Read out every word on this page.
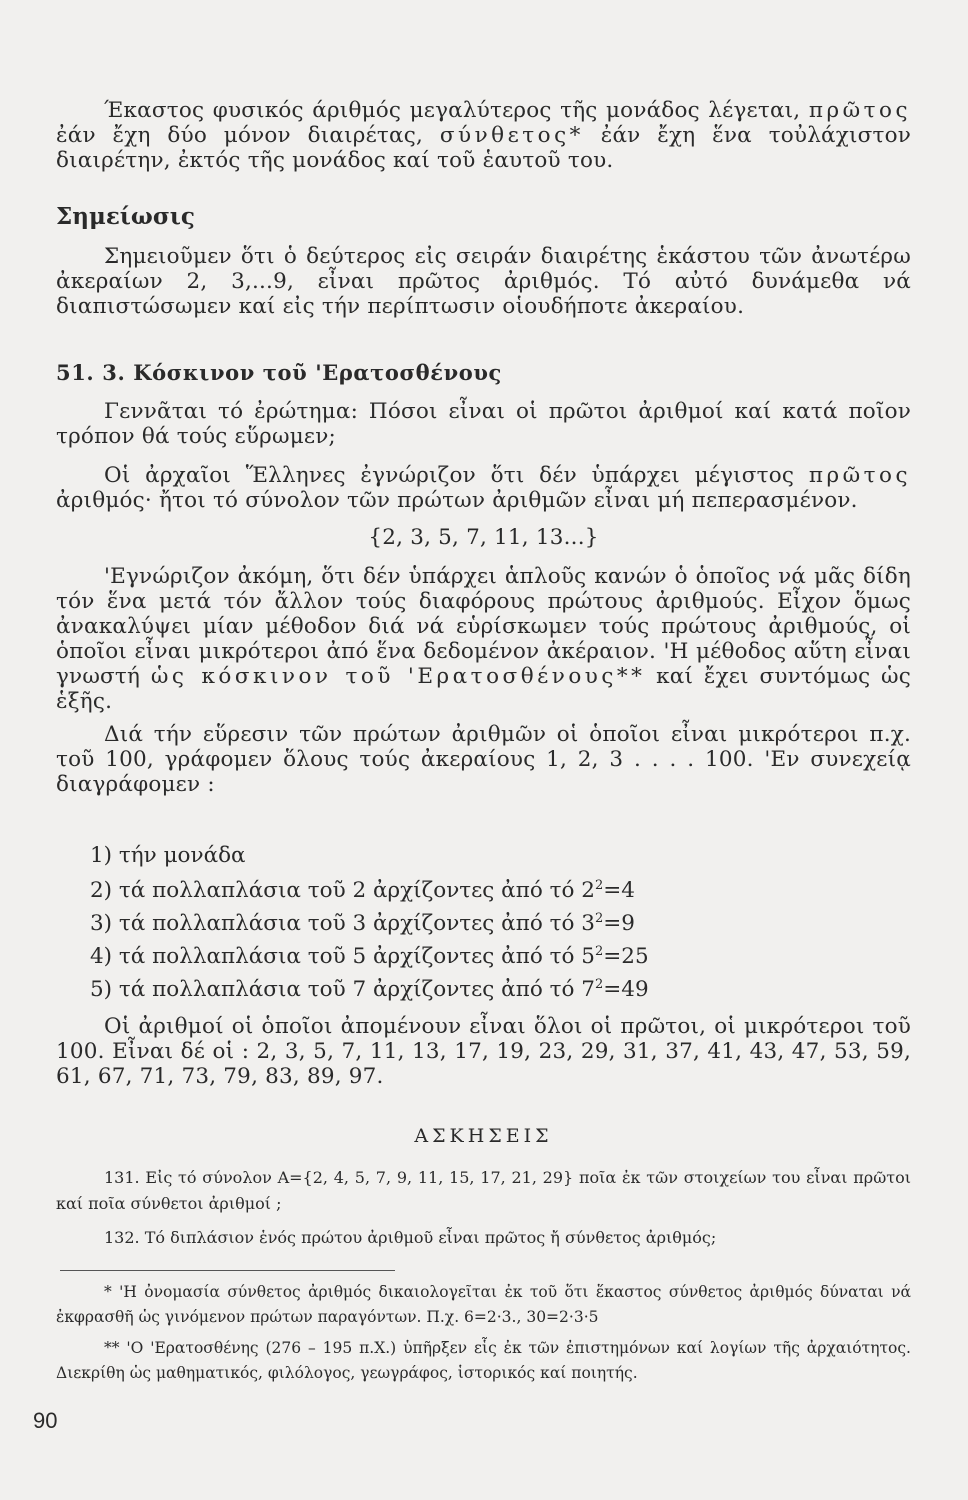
Έκαστος φυσικός άριθμός μεγαλύτερος τῆς μονάδος λέγεται, πρῶτος ἐάν ἔχη δύο μόνον διαιρέτας, σύνθετος* ἐάν ἔχη ἕνα τοὐλάχιστον διαιρέτην, ἐκτός τῆς μονάδος καί τοῦ ἑαυτοῦ του.

Σημείωσις

Σημειοῦμεν ὅτι ὁ δεύτερος εἰς σειράν διαιρέτης ἑκάστου τῶν ἀνωτέρω ἀκεραίων 2, 3,...9, εἶναι πρῶτος ἀριθμός. Τό αὐτό δυνάμεθα νά διαπιστώσωμεν καί εἰς τήν περίπτωσιν οἱουδήποτε ἀκεραίου.

51. 3. Κόσκινον τοῦ 'Ερατοσθένους

Γεννᾶται τό ἐρώτημα: Πόσοι εἶναι οἱ πρῶτοι ἀριθμοί καί κατά ποῖον τρόπον θά τούς εὕρωμεν;

Οἱ ἀρχαῖοι Ἕλληνες ἐγνώριζον ὅτι δέν ὑπάρχει μέγιστος πρῶτος ἀριθμός· ἤτοι τό σύνολον τῶν πρώτων ἀριθμῶν εἶναι μή πεπερασμένον.

{2, 3, 5, 7, 11, 13...}

'Εγνώριζον ἀκόμη, ὅτι δέν ὑπάρχει ἁπλοῦς κανών ὁ ὁποῖος νά μᾶς δίδη τόν ἕνα μετά τόν ἄλλον τούς διαφόρους πρώτους ἀριθμούς. Εἶχον ὅμως ἀνακαλύψει μίαν μέθοδον διά νά εὑρίσκωμεν τούς πρώτους ἀριθμούς, οἱ ὁποῖοι εἶναι μικρότεροι ἀπό ἕνα δεδομένον ἀκέραιον. 'Η μέθοδος αὕτη εἶναι γνωστή ὡς κόσκινον τοῦ 'Ερατοσθένους** καί ἔχει συντόμως ὡς ἑξῆς.

Διά τήν εὕρεσιν τῶν πρώτων ἀριθμῶν οἱ ὁποῖοι εἶναι μικρότεροι π.χ. τοῦ 100, γράφομεν ὅλους τούς ἀκεραίους 1, 2, 3 . . . . 100. 'Εν συνεχείᾳ διαγράφομεν :

1) τήν μονάδα
2) τά πολλαπλάσια τοῦ 2 ἀρχίζοντες ἀπό τό $2^2=4$
3) τά πολλαπλάσια τοῦ 3 ἀρχίζοντες ἀπό τό $3^2=9$
4) τά πολλαπλάσια τοῦ 5 ἀρχίζοντες ἀπό τό $5^2=25$
5) τά πολλαπλάσια τοῦ 7 ἀρχίζοντες ἀπό τό $7^2=49$

Οἱ ἀριθμοί οἱ ὁποῖοι ἀπομένουν εἶναι ὅλοι οἱ πρῶτοι, οἱ μικρότεροι τοῦ 100. Εἶναι δέ οἱ : 2, 3, 5, 7, 11, 13, 17, 19, 23, 29, 31, 37, 41, 43, 47, 53, 59, 61, 67, 71, 73, 79, 83, 89, 97.

ΑΣΚΗΣΕΙΣ

131. Εἰς τό σύνολον Α={2, 4, 5, 7, 9, 11, 15, 17, 21, 29} ποῖα ἐκ τῶν στοιχείων του εἶναι πρῶτοι καί ποῖα σύνθετοι ἀριθμοί ;

132. Τό διπλάσιον ἑνός πρώτου ἀριθμοῦ εἶναι πρῶτος ἤ σύνθετος ἀριθμός;

* 'Η ὀνομασία σύνθετος ἀριθμός δικαιολογεῖται ἐκ τοῦ ὅτι ἕκαστος σύνθετος ἀριθμός δύναται νά ἐκφρασθῆ ὡς γινόμενον πρώτων παραγόντων. Π.χ. 6=2·3., 30=2·3·5

** 'Ο 'Ερατοσθένης (276 – 195 π.Χ.) ὑπῆρξεν εἷς ἐκ τῶν ἐπιστημόνων καί λογίων τῆς ἀρχαιότητος. Διεκρίθη ὡς μαθηματικός, φιλόλογος, γεωγράφος, ἱστορικός καί ποιητής.

90
